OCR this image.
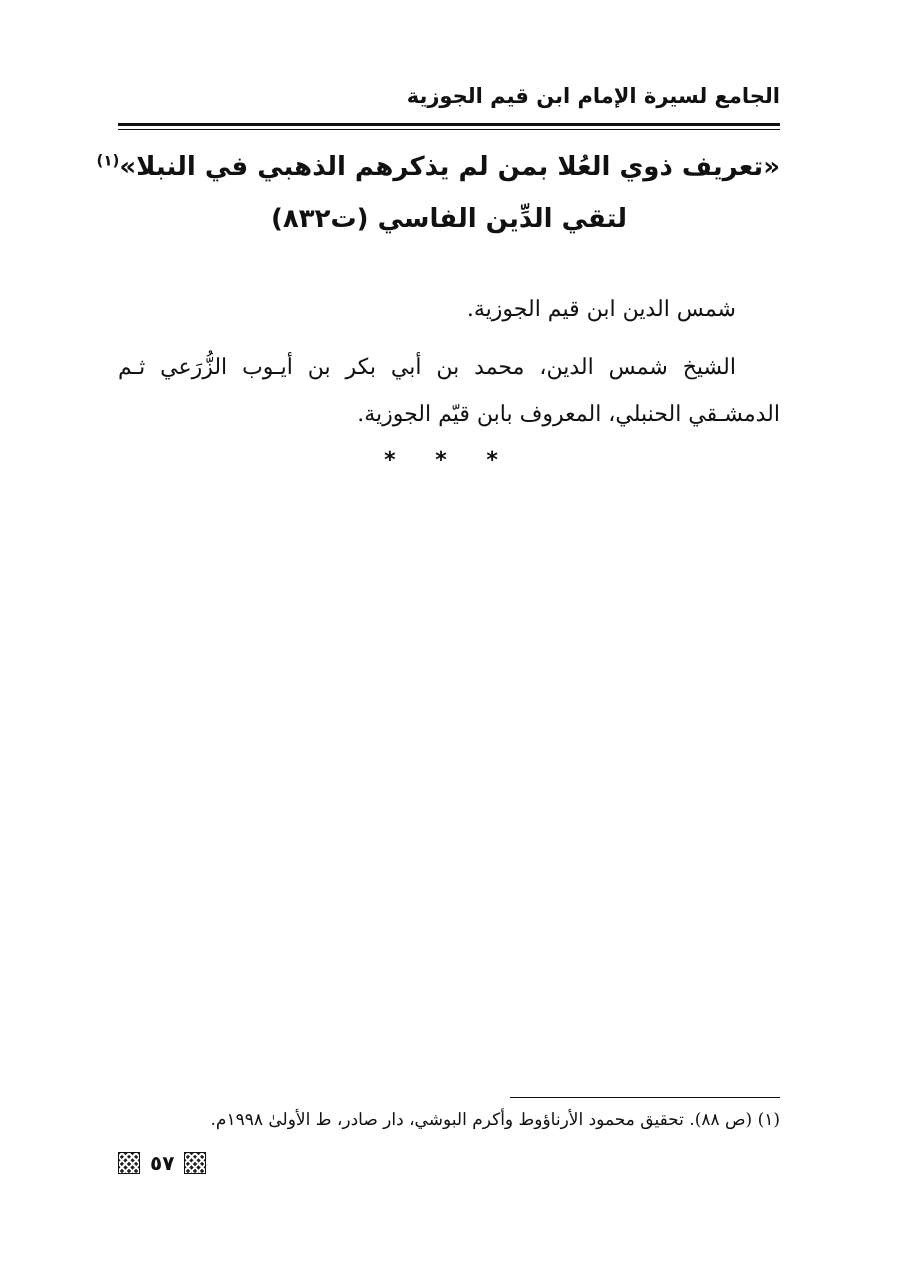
الجامع لسيرة الإمام ابن قيم الجوزية
«تعريف ذوي العُلا بمن لم يذكرهم الذهبي في النبلا»$^{(١)}$
لتقي الدِّين الفاسي (ت٨٣٢)
شمس الدين ابن قيم الجوزية.
الشيخ شمس الدين، محمد بن أبي بكر بن أيـوب الزُّرَعي ثـم الدمشـقي الحنبلي، المعروف بابن قيّم الجوزية.
* * *
(١) (ص ٨٨). تحقيق محمود الأرناؤوط وأكرم البوشي، دار صادر، ط الأولىٰ ١٩٩٨م.
٥٧
